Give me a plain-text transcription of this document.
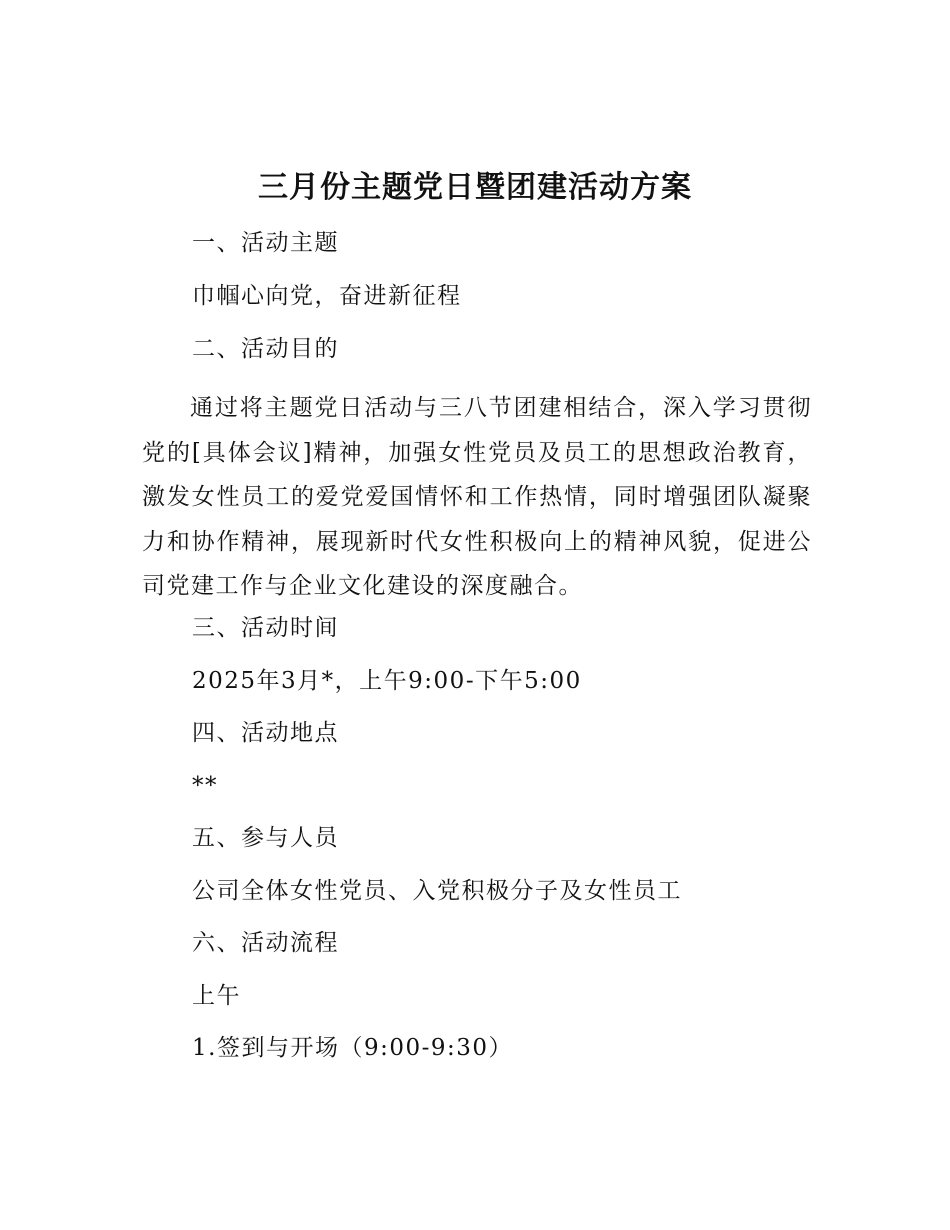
三月份主题党日暨团建活动方案

一、活动主题

巾帼心向党，奋进新征程

二、活动目的

通过将主题党日活动与三八节团建相结合，深入学习贯彻党的[具体会议]精神，加强女性党员及员工的思想政治教育，激发女性员工的爱党爱国情怀和工作热情，同时增强团队凝聚力和协作精神，展现新时代女性积极向上的精神风貌，促进公司党建工作与企业文化建设的深度融合。

三、活动时间

2025年3月*，上午9:00-下午5:00

四、活动地点

**

五、参与人员

公司全体女性党员、入党积极分子及女性员工

六、活动流程

上午

1.签到与开场（9:00-9:30）
